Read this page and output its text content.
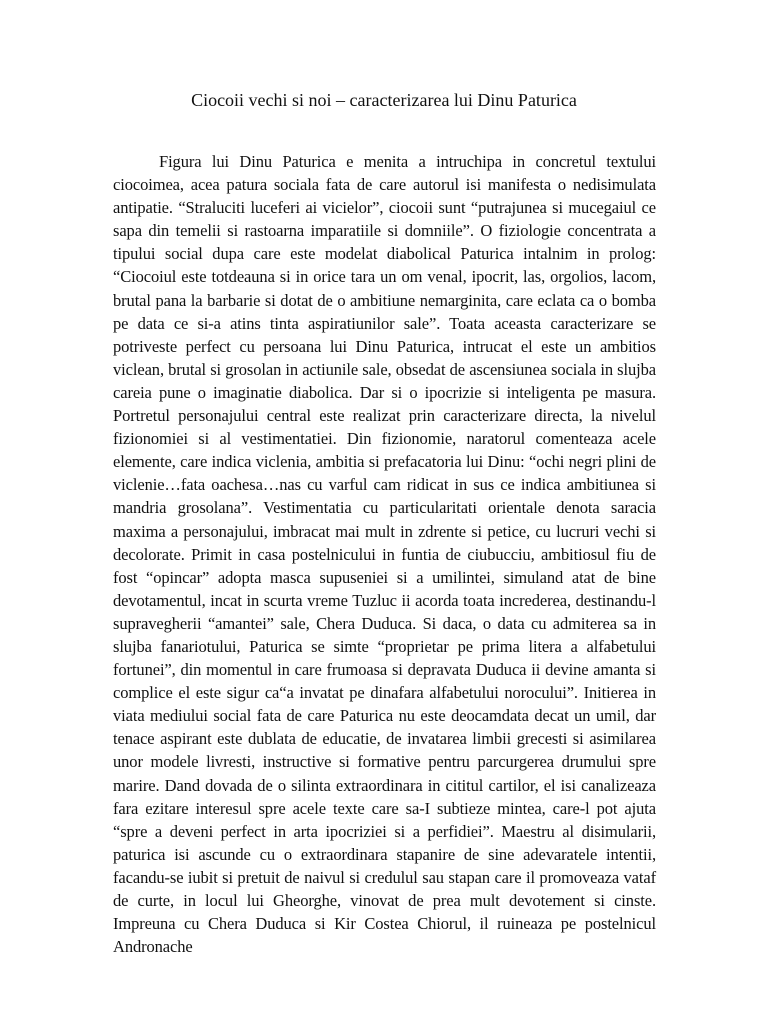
Ciocoii vechi si noi – caracterizarea lui Dinu Paturica

Figura lui Dinu Paturica e menita a intruchipa in concretul textului ciocoimea, acea patura sociala fata de care autorul isi manifesta o nedisimulata antipatie. “Straluciti luceferi ai vicielor”, ciocoii sunt “putrajunea si mucegaiul ce sapa din temelii si rastoarna imparatiile si domniile”. O fiziologie concentrata a tipului social dupa care este modelat diabolical Paturica intalnim in prolog: “Ciocoiul este totdeauna si in orice tara un om venal, ipocrit, las, orgolios, lacom, brutal pana la barbarie si dotat de o ambitiune nemarginita, care eclata ca o bomba pe data ce si-a atins tinta aspiratiunilor sale”. Toata aceasta caracterizare se potriveste perfect cu persoana lui Dinu Paturica, intrucat el este un ambitios viclean, brutal si grosolan in actiunile sale, obsedat de ascensiunea sociala in slujba careia pune o imaginatie diabolica. Dar si o ipocrizie si inteligenta pe masura. Portretul personajului central este realizat prin caracterizare directa, la nivelul fizionomiei si al vestimentatiei. Din fizionomie, naratorul comenteaza acele elemente, care indica viclenia, ambitia si prefacatoria lui Dinu: “ochi negri plini de viclenie…fata oachesa…nas cu varful cam ridicat in sus ce indica ambitiunea si mandria grosolana”. Vestimentatia cu particularitati orientale denota saracia maxima a personajului, imbracat mai mult in zdrente si petice, cu lucruri vechi si decolorate. Primit in casa postelnicului in funtia de ciubucciu, ambitiosul fiu de fost “opincar” adopta masca supuseniei si a umilintei, simuland atat de bine devotamentul, incat in scurta vreme Tuzluc ii acorda toata increderea, destinandu-l supravegherii “amantei” sale, Chera Duduca. Si daca, o data cu admiterea sa in slujba fanariotului, Paturica se simte “proprietar pe prima litera a alfabetului fortunei”, din momentul in care frumoasa si depravata Duduca ii devine amanta si complice el este sigur ca“a invatat pe dinafara alfabetului norocului”. Initierea in viata mediului social fata de care Paturica nu este deocamdata decat un umil, dar tenace aspirant este dublata de educatie, de invatarea limbii grecesti si asimilarea unor modele livresti, instructive si formative pentru parcurgerea drumului spre marire. Dand dovada de o silinta extraordinara in cititul cartilor, el isi canalizeaza fara ezitare interesul spre acele texte care sa-I subtieze mintea, care-l pot ajuta “spre a deveni perfect in arta ipocriziei si a perfidiei”. Maestru al disimularii, paturica isi ascunde cu o extraordinara stapanire de sine adevaratele intentii, facandu-se iubit si pretuit de naivul si credulul sau stapan care il promoveaza vataf de curte, in locul lui Gheorghe, vinovat de prea mult devotement si cinste. Impreuna cu Chera Duduca si Kir Costea Chiorul, il ruineaza pe postelnicul Andronache
